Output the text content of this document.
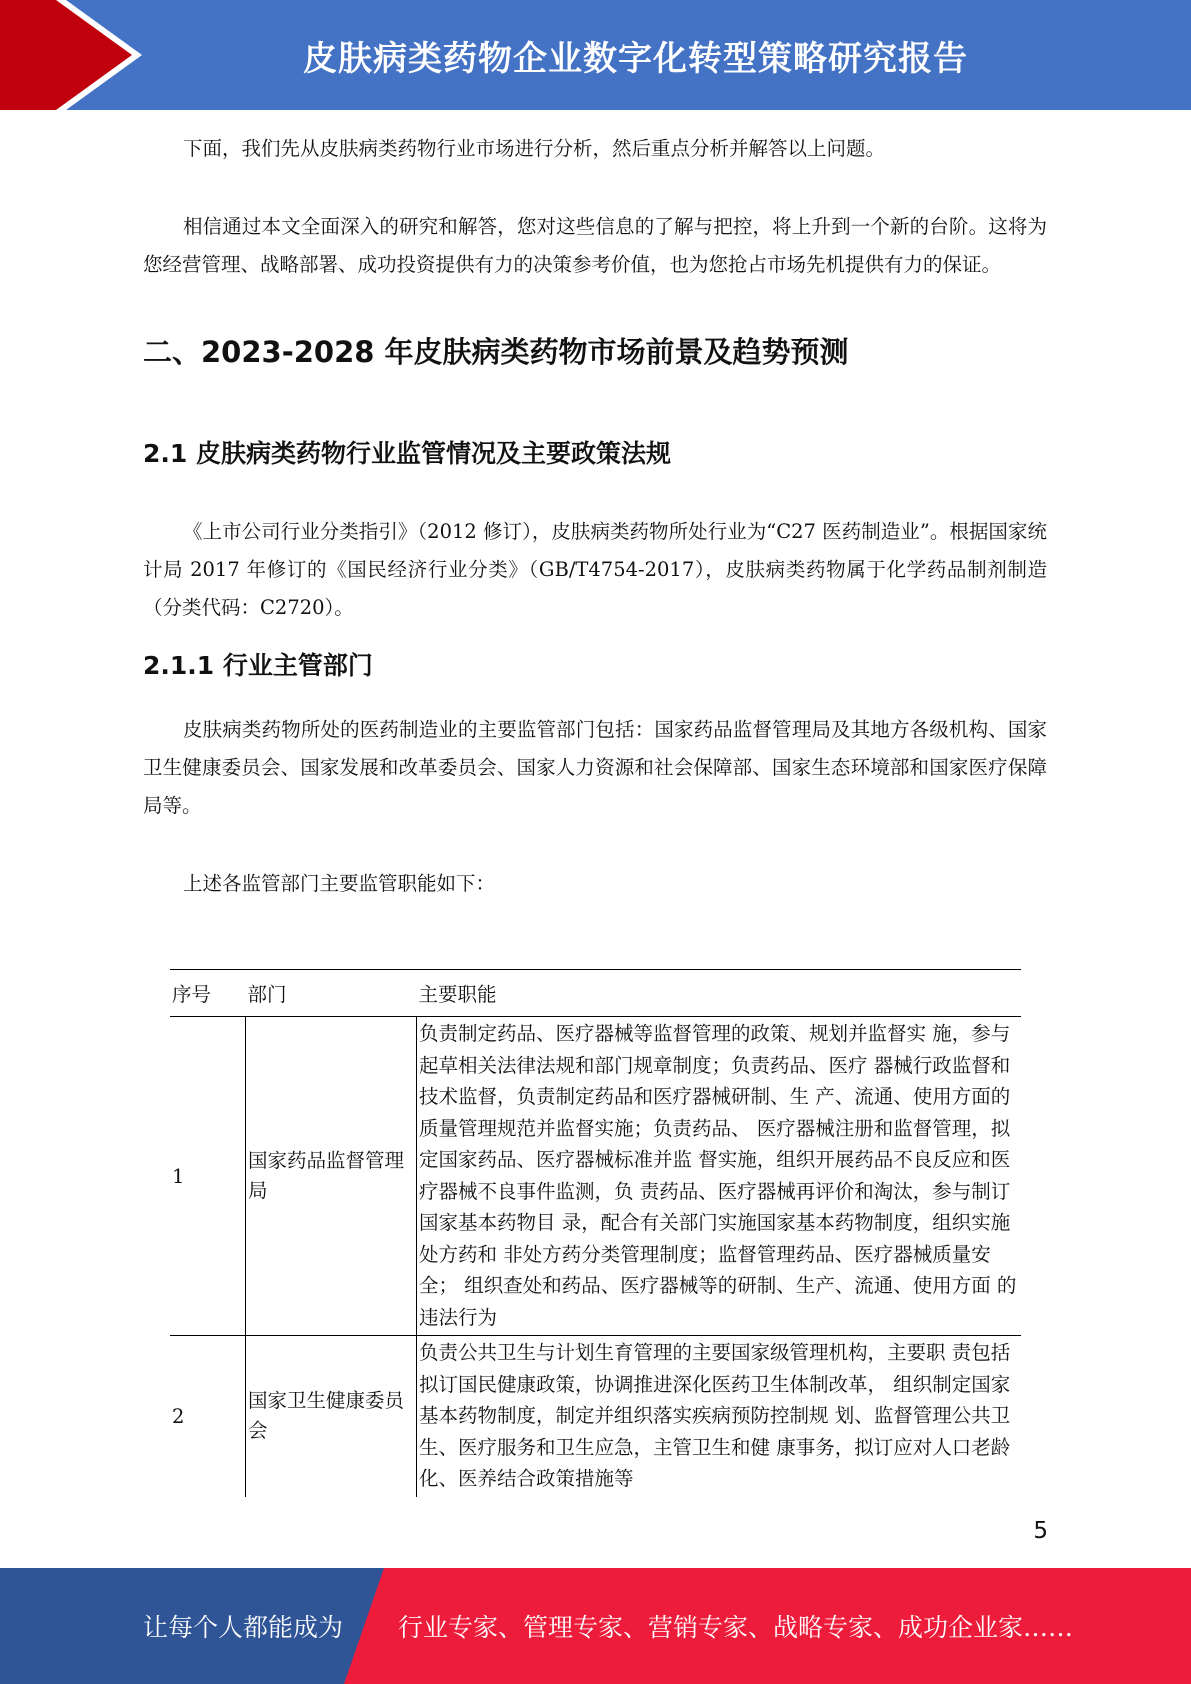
皮肤病类药物企业数字化转型策略研究报告

下面，我们先从皮肤病类药物行业市场进行分析，然后重点分析并解答以上问题。

相信通过本文全面深入的研究和解答，您对这些信息的了解与把控，将上升到一个新的台阶。这将为您经营管理、战略部署、成功投资提供有力的决策参考价值，也为您抢占市场先机提供有力的保证。

二、2023-2028 年皮肤病类药物市场前景及趋势预测
2.1 皮肤病类药物行业监管情况及主要政策法规

《上市公司行业分类指引》（2012 修订），皮肤病类药物所处行业为“C27 医药制造业”。根据国家统计局 2017 年修订的《国民经济行业分类》（GB/T4754-2017），皮肤病类药物属于化学药品制剂制造（分类代码：C2720）。

2.1.1 行业主管部门

皮肤病类药物所处的医药制造业的主要监管部门包括：国家药品监督管理局及其地方各级机构、国家卫生健康委员会、国家发展和改革委员会、国家人力资源和社会保障部、国家生态环境部和国家医疗保障局等。

上述各监管部门主要监管职能如下：

序号	部门	主要职能
1	国家药品监督管理局	负责制定药品、医疗器械等监督管理的政策、规划并监督实 施，参与起草相关法律法规和部门规章制度；负责药品、医疗 器械行政监督和技术监督，负责制定药品和医疗器械研制、生 产、流通、使用方面的质量管理规范并监督实施；负责药品、 医疗器械注册和监督管理，拟定国家药品、医疗器械标准并监 督实施，组织开展药品不良反应和医疗器械不良事件监测，负 责药品、医疗器械再评价和淘汰，参与制订国家基本药物目 录，配合有关部门实施国家基本药物制度，组织实施处方药和 非处方药分类管理制度；监督管理药品、医疗器械质量安全； 组织查处和药品、医疗器械等的研制、生产、流通、使用方面 的违法行为
2	国家卫生健康委员会	负责公共卫生与计划生育管理的主要国家级管理机构，主要职 责包括拟订国民健康政策，协调推进深化医药卫生体制改革， 组织制定国家基本药物制度，制定并组织落实疾病预防控制规 划、监督管理公共卫生、医疗服务和卫生应急，主管卫生和健 康事务，拟订应对人口老龄化、医养结合政策措施等
5
让每个人都能成为 行业专家、管理专家、营销专家、战略专家、成功企业家……
